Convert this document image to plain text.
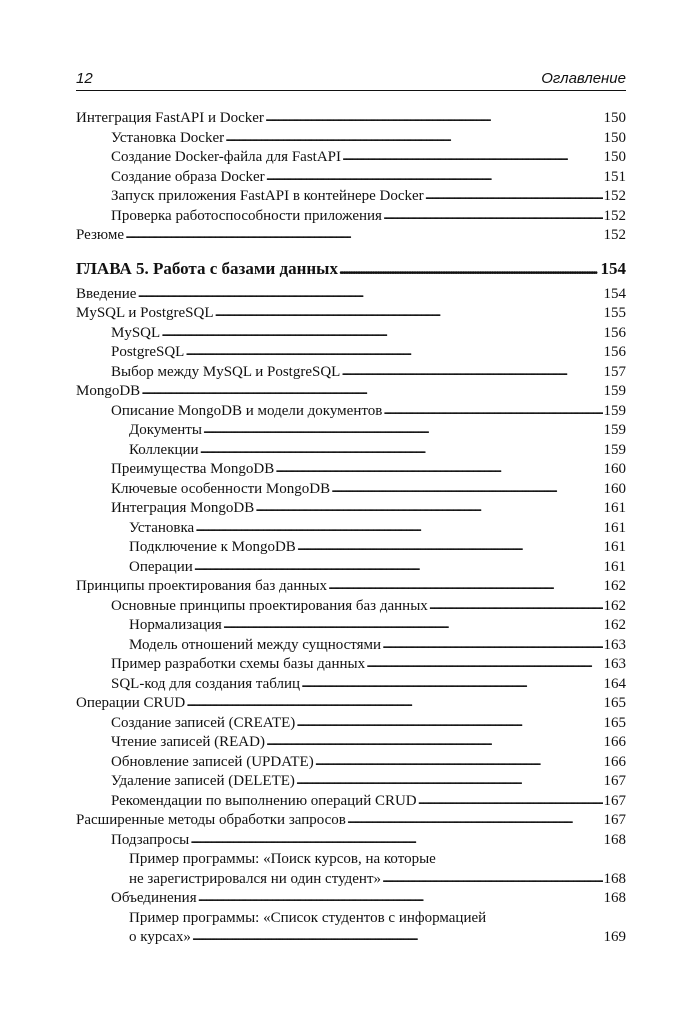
12	Оглавление
Интеграция FastAPI и Docker . . .	150
Установка Docker . . .	150
Создание Docker-файла для FastAPI . . .	150
Создание образа Docker . . .	151
Запуск приложения FastAPI в контейнере Docker . . .	152
Проверка работоспособности приложения . . .	152
Резюме . . .	152
ГЛАВА 5. Работа с базами данных . . .	154
Введение . . .	154
MySQL и PostgreSQL . . .	155
MySQL . . .	156
PostgreSQL . . .	156
Выбор между MySQL и PostgreSQL . . .	157
MongoDB . . .	159
Описание MongoDB и модели документов . . .	159
Документы . . .	159
Коллекции . . .	159
Преимущества MongoDB . . .	160
Ключевые особенности MongoDB . . .	160
Интеграция MongoDB . . .	161
Установка . . .	161
Подключение к MongoDB . . .	161
Операции . . .	161
Принципы проектирования баз данных . . .	162
Основные принципы проектирования баз данных . . .	162
Нормализация . . .	162
Модель отношений между сущностями . . .	163
Пример разработки схемы базы данных . . .	163
SQL-код для создания таблиц . . .	164
Операции CRUD . . .	165
Создание записей (CREATE) . . .	165
Чтение записей (READ) . . .	166
Обновление записей (UPDATE) . . .	166
Удаление записей (DELETE) . . .	167
Рекомендации по выполнению операций CRUD . . .	167
Расширенные методы обработки запросов . . .	167
Подзапросы . . .	168
Пример программы: «Поиск курсов, на которые
не зарегистрировался ни один студент» . . .	168
Объединения . . .	168
Пример программы: «Список студентов с информацией
о курсах» . . .	169
